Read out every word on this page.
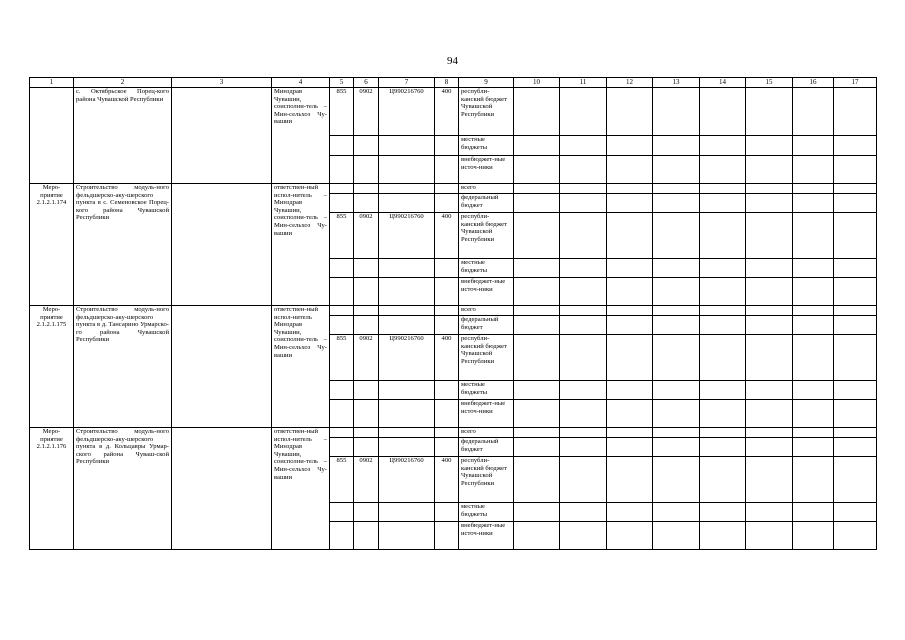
94
1	2	3	4	5	6	7	8	9	10	11	12	13	14	15	16	17
	с. Октябрьское Порец-кого района Чувашской Республики		Минздрав Чувашии, соисполни-тель – Мин-сельхоз Чу-вашии	855	0902	Ц990216760	400	республи-канский бюджет Чувашской Республики								
								местные бюджеты								
								внебюджет-ные источ-ники								
Меро-приятие 2.1.2.1.174	Строительство модуль-ного фельдшерско-аку-шерского пункта в с. Семеновское Порец-кого района Чувашской Республики		ответствен-ный испол-нитель – Минздрав Чувашии, соисполни-тель – Мин-сельхоз Чу-вашии					всего								
								федеральный бюджет								
				855	0902	Ц990216760	400	республи-канский бюджет Чувашской Республики								
								местные бюджеты								
								внебюджет-ные источ-ники								
Меро-приятие 2.1.2.1.175	Строительство модуль-ного фельдшерско-аку-шерского пункта в д. Тансарино Урмарско-го района Чувашской Республики		ответствен-ный испол-нитель Минздрав Чувашии, соисполни-тель – Мин-сельхоз Чу-вашии					всего								
								федеральный бюджет								
				855	0902	Ц990216760	400	республи-канский бюджет Чувашской Республики								
								местные бюджеты								
								внебюджет-ные источ-ники								
Меро-приятие 2.1.2.1.176	Строительство модуль-ного фельдшерско-аку-шерского пункта в д. Кольцавры Урмар-ского района Чуваш-ской Республики		ответствен-ный испол-нитель – Минздрав Чувашии, соисполни-тель – Мин-сельхоз Чу-вашии					всего								
								федеральный бюджет								
				855	0902	Ц990216760	400	республи-канский бюджет Чувашской Республики								
								местные бюджеты								
								внебюджет-ные источ-ники								
